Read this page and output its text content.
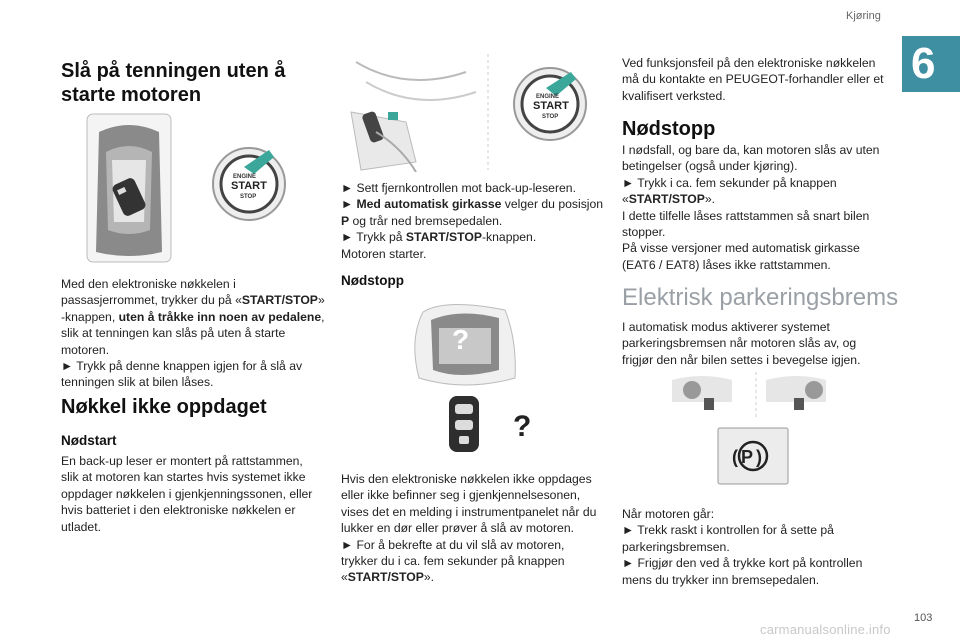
Kjøring
6
Slå på tenningen uten å
starte motoren
ENGINE
START
STOP
Med den elektroniske nøkkelen i
passasjerrommet, trykker du på «START/STOP»
-knappen, uten å tråkke inn noen av pedalene,
slik at tenningen kan slås på uten å starte
motoren.
► Trykk på denne knappen igjen for å slå av
tenningen slik at bilen låses.
Nøkkel ikke oppdaget
Nødstart
En back-up leser er montert på rattstammen,
slik at motoren kan startes hvis systemet ikke
oppdager nøkkelen i gjenkjenningssonen, eller
hvis batteriet i den elektroniske nøkkelen er
utladet.
ENGINE
START
STOP
► Sett fjernkontrollen mot back-up-leseren.
► Med automatisk girkasse velger du posisjon
P og trår ned bremsepedalen.
► Trykk på START/STOP-knappen.
Motoren starter.
Nødstopp
?
?
Hvis den elektroniske nøkkelen ikke oppdages
eller ikke befinner seg i gjenkjennelsesonen,
vises det en melding i instrumentpanelet når du
lukker en dør eller prøver å slå av motoren.
► For å bekrefte at du vil slå av motoren,
trykker du i ca. fem sekunder på knappen
«START/STOP».
Ved funksjonsfeil på den elektroniske nøkkelen
må du kontakte en PEUGEOT-forhandler eller et
kvalifisert verksted.
Nødstopp
I nødsfall, og bare da, kan motoren slås av uten
betingelser (også under kjøring).
► Trykk i ca. fem sekunder på knappen
«START/STOP».
I dette tilfelle låses rattstammen så snart bilen
stopper.
På visse versjoner med automatisk girkasse
(EAT6 / EAT8) låses ikke rattstammen.
Elektrisk parkeringsbrems
I automatisk modus aktiverer systemet
parkeringsbremsen når motoren slås av, og
frigjør den når bilen settes i bevegelse igjen.
(P)
Når motoren går:
► Trekk raskt i kontrollen for å sette på
parkeringsbremsen.
► Frigjør den ved å trykke kort på kontrollen
mens du trykker inn bremsepedalen.
103
carmanualsonline.info
